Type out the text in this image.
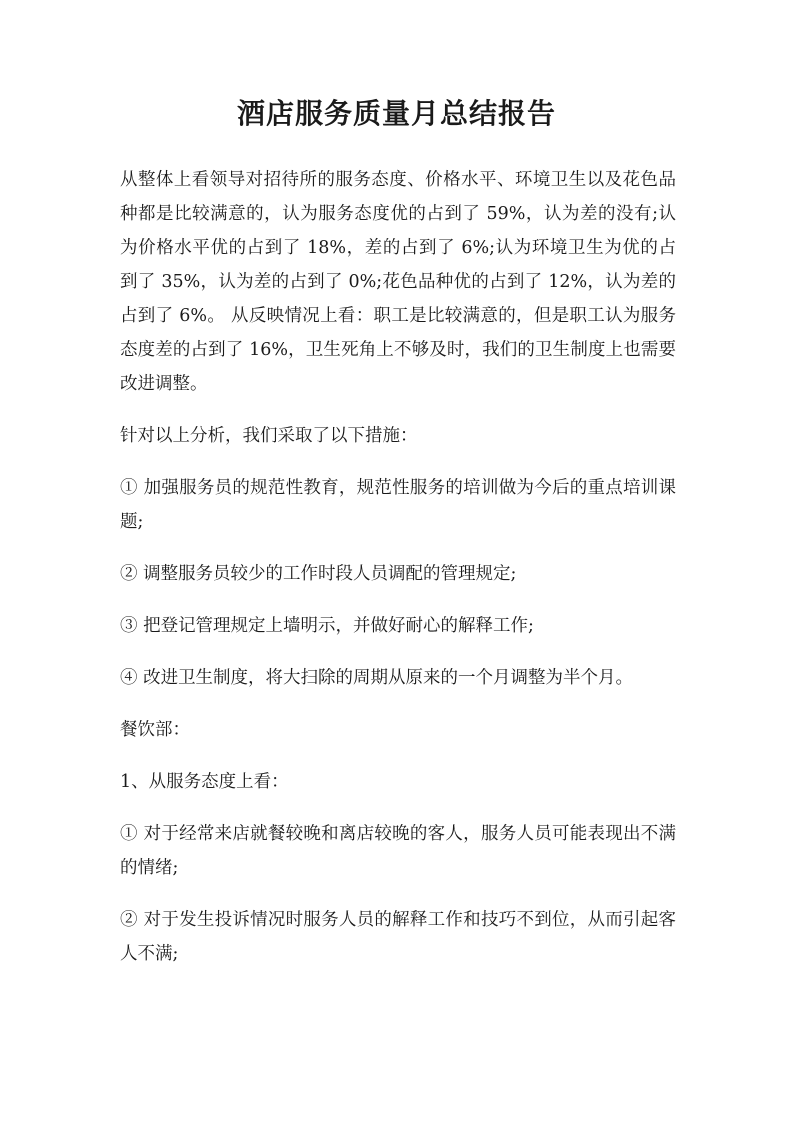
酒店服务质量月总结报告

从整体上看领导对招待所的服务态度、价格水平、环境卫生以及花色品种都是比较满意的，认为服务态度优的占到了 59%，认为差的没有;认为价格水平优的占到了 18%，差的占到了 6%;认为环境卫生为优的占到了 35%，认为差的占到了 0%;花色品种优的占到了 12%，认为差的占到了 6%。 从反映情况上看：职工是比较满意的，但是职工认为服务态度差的占到了 16%，卫生死角上不够及时，我们的卫生制度上也需要改进调整。

针对以上分析，我们采取了以下措施：

① 加强服务员的规范性教育，规范性服务的培训做为今后的重点培训课题;

② 调整服务员较少的工作时段人员调配的管理规定;

③ 把登记管理规定上墙明示，并做好耐心的解释工作;

④ 改进卫生制度，将大扫除的周期从原来的一个月调整为半个月。

餐饮部：

1、从服务态度上看：

① 对于经常来店就餐较晚和离店较晚的客人，服务人员可能表现出不满的情绪;

② 对于发生投诉情况时服务人员的解释工作和技巧不到位，从而引起客人不满;
